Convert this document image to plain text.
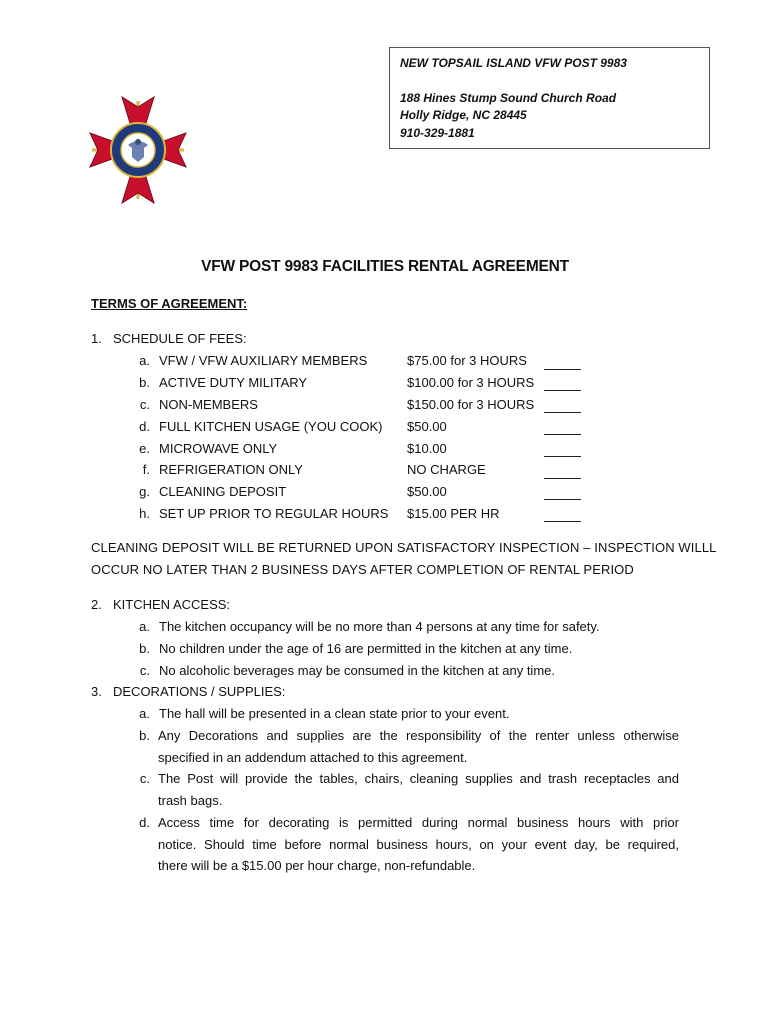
NEW TOPSAIL ISLAND VFW POST 9983
188 Hines Stump Sound Church Road
Holly Ridge, NC 28445
910-329-1881
VFW POST 9983 FACILITIES RENTAL AGREEMENT
TERMS OF AGREEMENT:
1. SCHEDULE OF FEES:
a. VFW / VFW AUXILIARY MEMBERS	$75.00 for 3 HOURS
b. ACTIVE DUTY MILITARY	$100.00 for 3 HOURS
c. NON-MEMBERS	$150.00 for 3 HOURS
d. FULL KITCHEN USAGE (YOU COOK) $50.00
e. MICROWAVE ONLY	$10.00
f. REFRIGERATION ONLY	NO CHARGE
g. CLEANING DEPOSIT	$50.00
h. SET UP PRIOR TO REGULAR HOURS $15.00 PER HR
CLEANING DEPOSIT WILL BE RETURNED UPON SATISFACTORY INSPECTION – INSPECTION WILLL
OCCUR NO LATER THAN 2 BUSINESS DAYS AFTER COMPLETION OF RENTAL PERIOD
2. KITCHEN ACCESS:
a. The kitchen occupancy will be no more than 4 persons at any time for safety.
b. No children under the age of 16 are permitted in the kitchen at any time.
c. No alcoholic beverages may be consumed in the kitchen at any time.
3. DECORATIONS / SUPPLIES:
a. The hall will be presented in a clean state prior to your event.
b. Any Decorations and supplies are the responsibility of the renter unless otherwise
specified in an addendum attached to this agreement.
c. The Post will provide the tables, chairs, cleaning supplies and trash receptacles and
trash bags.
d. Access time for decorating is permitted during normal business hours with prior
notice. Should time before normal business hours, on your event day, be required,
there will be a $15.00 per hour charge, non-refundable.
